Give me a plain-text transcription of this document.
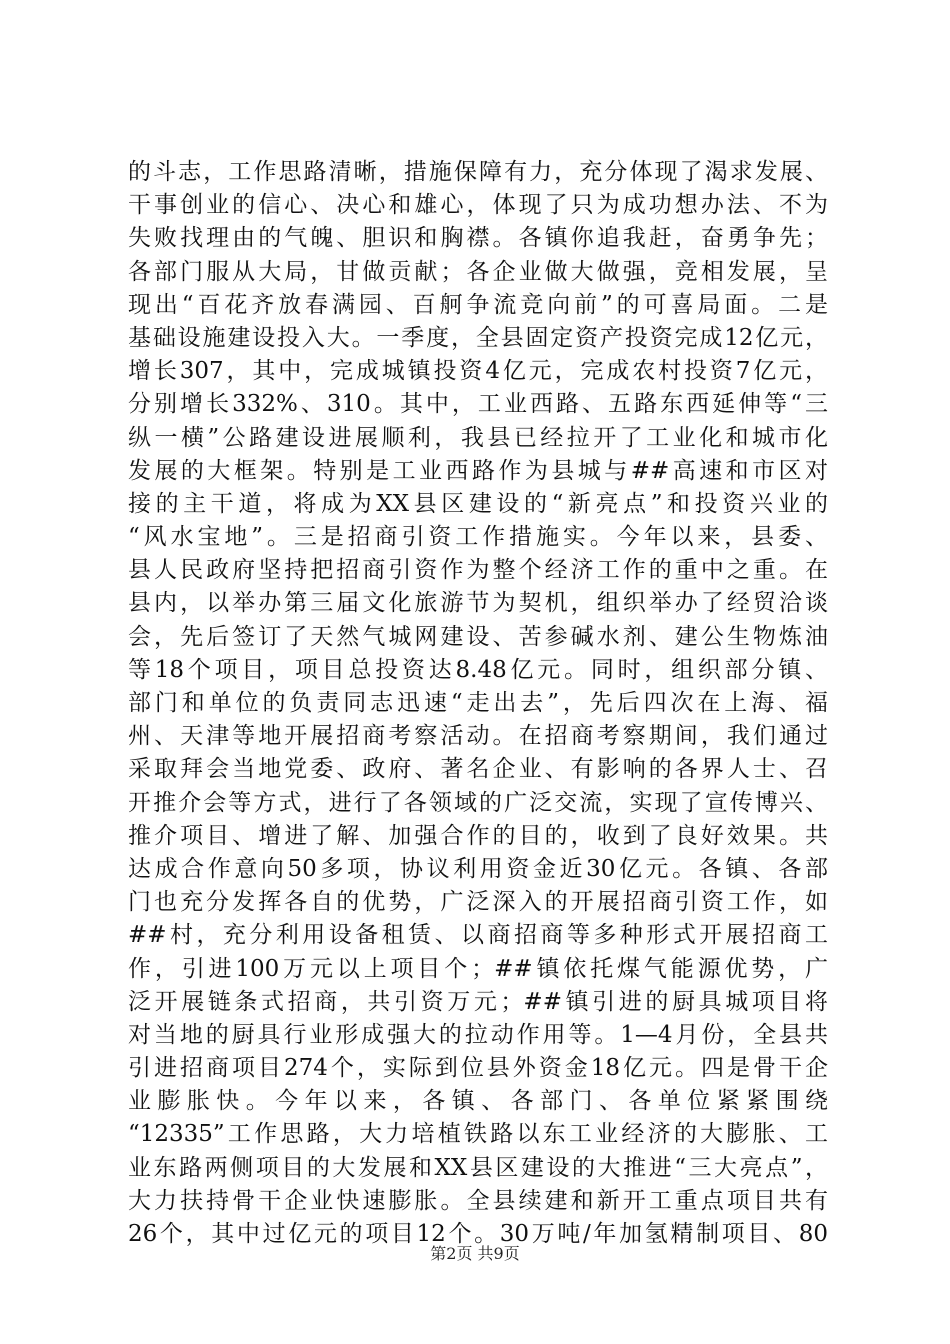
的斗志，工作思路清晰，措施保障有力，充分体现了渴求发展、
干事创业的信心、决心和雄心，体现了只为成功想办法、不为
失败找理由的气魄、胆识和胸襟。各镇你追我赶，奋勇争先；
各部门服从大局，甘做贡献；各企业做大做强，竞相发展，呈
现出“百花齐放春满园、百舸争流竞向前”的可喜局面。二是
基础设施建设投入大。一季度，全县固定资产投资完成12亿元，
增长307，其中，完成城镇投资4亿元，完成农村投资7亿元，
分别增长332%、310。其中，工业西路、五路东西延伸等“三
纵一横”公路建设进展顺利，我县已经拉开了工业化和城市化
发展的大框架。特别是工业西路作为县城与##高速和市区对
接的主干道，将成为XX县区建设的“新亮点”和投资兴业的
“风水宝地”。三是招商引资工作措施实。今年以来，县委、
县人民政府坚持把招商引资作为整个经济工作的重中之重。在
县内，以举办第三届文化旅游节为契机，组织举办了经贸洽谈
会，先后签订了天然气城网建设、苦参碱水剂、建公生物炼油
等18个项目，项目总投资达8.48亿元。同时，组织部分镇、
部门和单位的负责同志迅速“走出去”，先后四次在上海、福
州、天津等地开展招商考察活动。在招商考察期间，我们通过
采取拜会当地党委、政府、著名企业、有影响的各界人士、召
开推介会等方式，进行了各领域的广泛交流，实现了宣传博兴、
推介项目、增进了解、加强合作的目的，收到了良好效果。共
达成合作意向50多项，协议利用资金近30亿元。各镇、各部
门也充分发挥各自的优势，广泛深入的开展招商引资工作，如
##村，充分利用设备租赁、以商招商等多种形式开展招商工
作，引进100万元以上项目个；##镇依托煤气能源优势，广
泛开展链条式招商，共引资万元；##镇引进的厨具城项目将
对当地的厨具行业形成强大的拉动作用等。1—4月份，全县共
引进招商项目274个，实际到位县外资金18亿元。四是骨干企
业膨胀快。今年以来，各镇、各部门、各单位紧紧围绕
“12335”工作思路，大力培植铁路以东工业经济的大膨胀、工
业东路两侧项目的大发展和XX县区建设的大推进“三大亮点”，
大力扶持骨干企业快速膨胀。全县续建和新开工重点项目共有
26个，其中过亿元的项目12个。30万吨/年加氢精制项目、80
第2页 共9页
